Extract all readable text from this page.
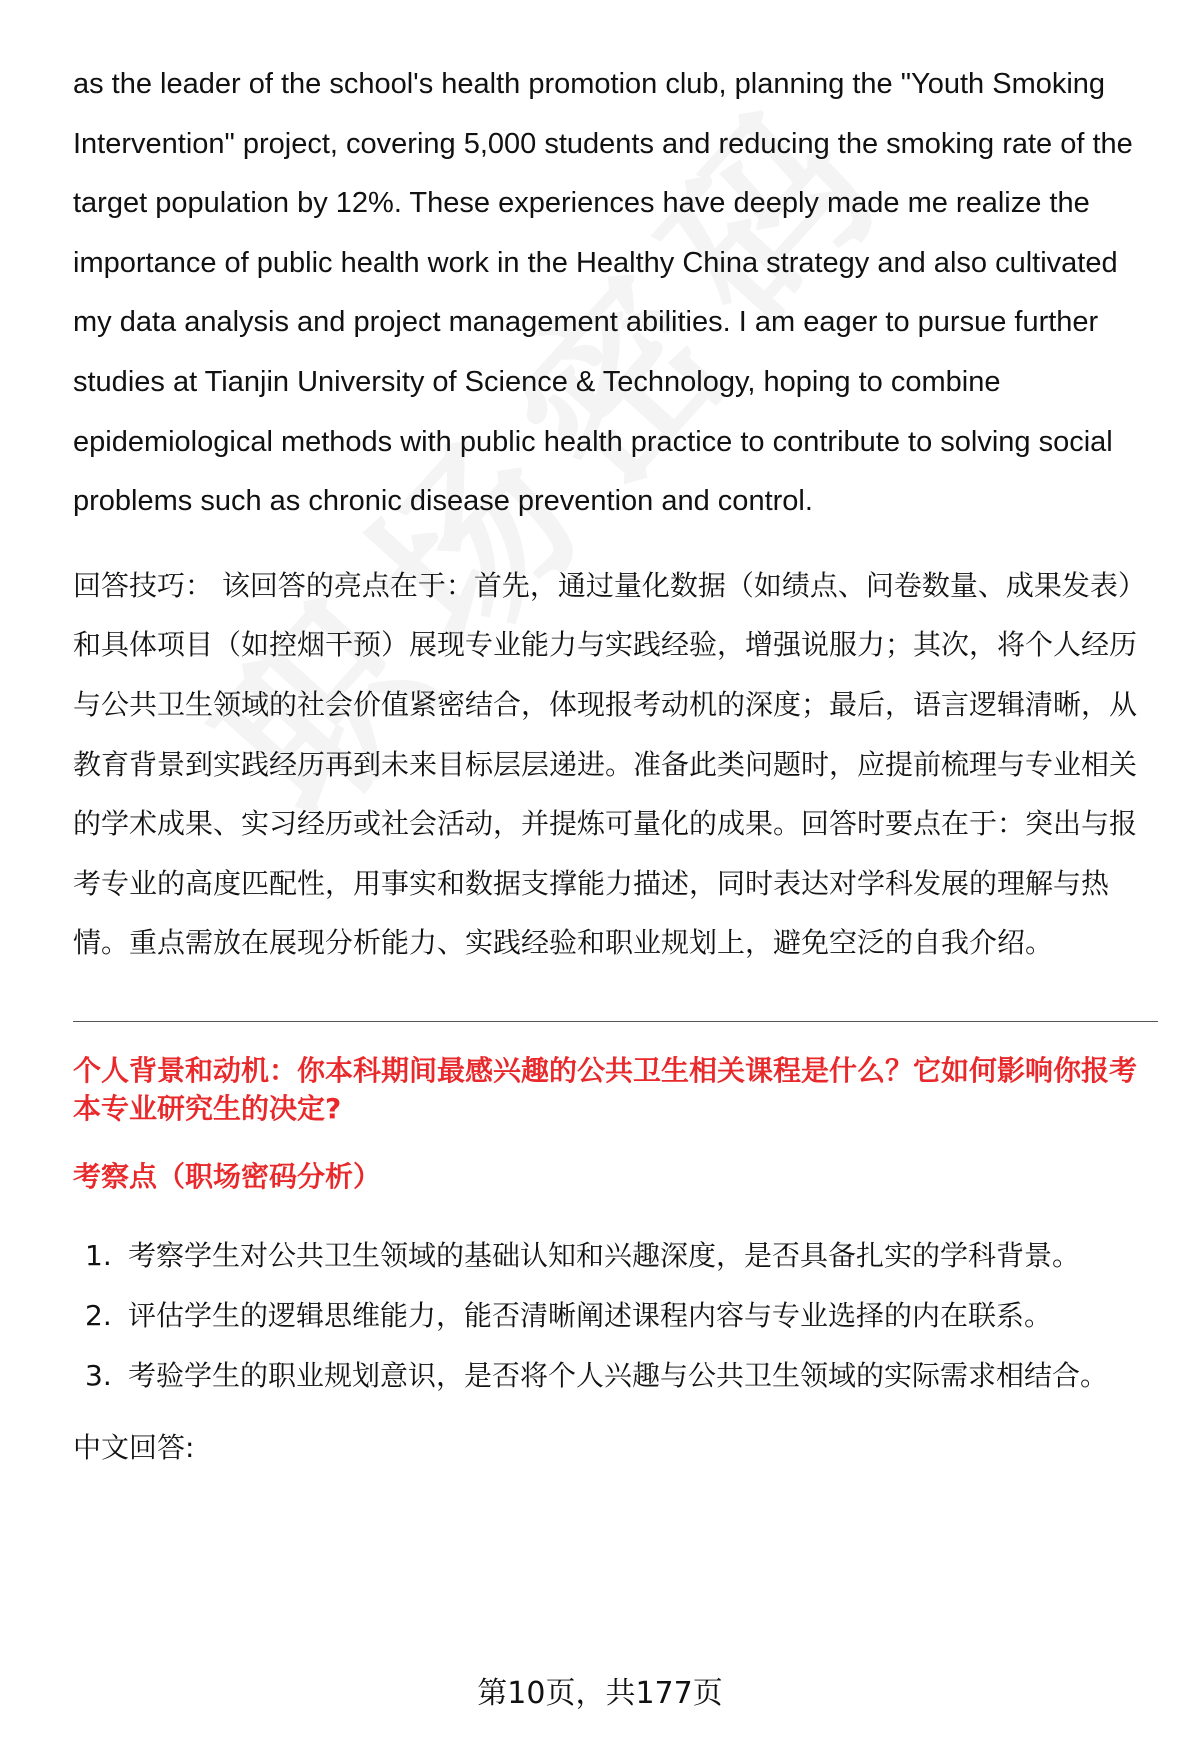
as the leader of the school's health promotion club, planning the "Youth Smoking Intervention" project, covering 5,000 students and reducing the smoking rate of the target population by 12%. These experiences have deeply made me realize the importance of public health work in the Healthy China strategy and also cultivated my data analysis and project management abilities. I am eager to pursue further studies at Tianjin University of Science & Technology, hoping to combine epidemiological methods with public health practice to contribute to solving social problems such as chronic disease prevention and control.

回答技巧： 该回答的亮点在于：首先，通过量化数据（如绩点、问卷数量、成果发表）和具体项目（如控烟干预）展现专业能力与实践经验，增强说服力；其次，将个人经历与公共卫生领域的社会价值紧密结合，体现报考动机的深度；最后，语言逻辑清晰，从教育背景到实践经历再到未来目标层层递进。准备此类问题时，应提前梳理与专业相关的学术成果、实习经历或社会活动，并提炼可量化的成果。回答时要点在于：突出与报考专业的高度匹配性，用事实和数据支撑能力描述，同时表达对学科发展的理解与热情。重点需放在展现分析能力、实践经验和职业规划上，避免空泛的自我介绍。

个人背景和动机：你本科期间最感兴趣的公共卫生相关课程是什么？它如何影响你报考本专业研究生的决定?

考察点（职场密码分析）

1. 考察学生对公共卫生领域的基础认知和兴趣深度，是否具备扎实的学科背景。
2. 评估学生的逻辑思维能力，能否清晰阐述课程内容与专业选择的内在联系。
3. 考验学生的职业规划意识，是否将个人兴趣与公共卫生领域的实际需求相结合。

中文回答:

第10页，共177页
